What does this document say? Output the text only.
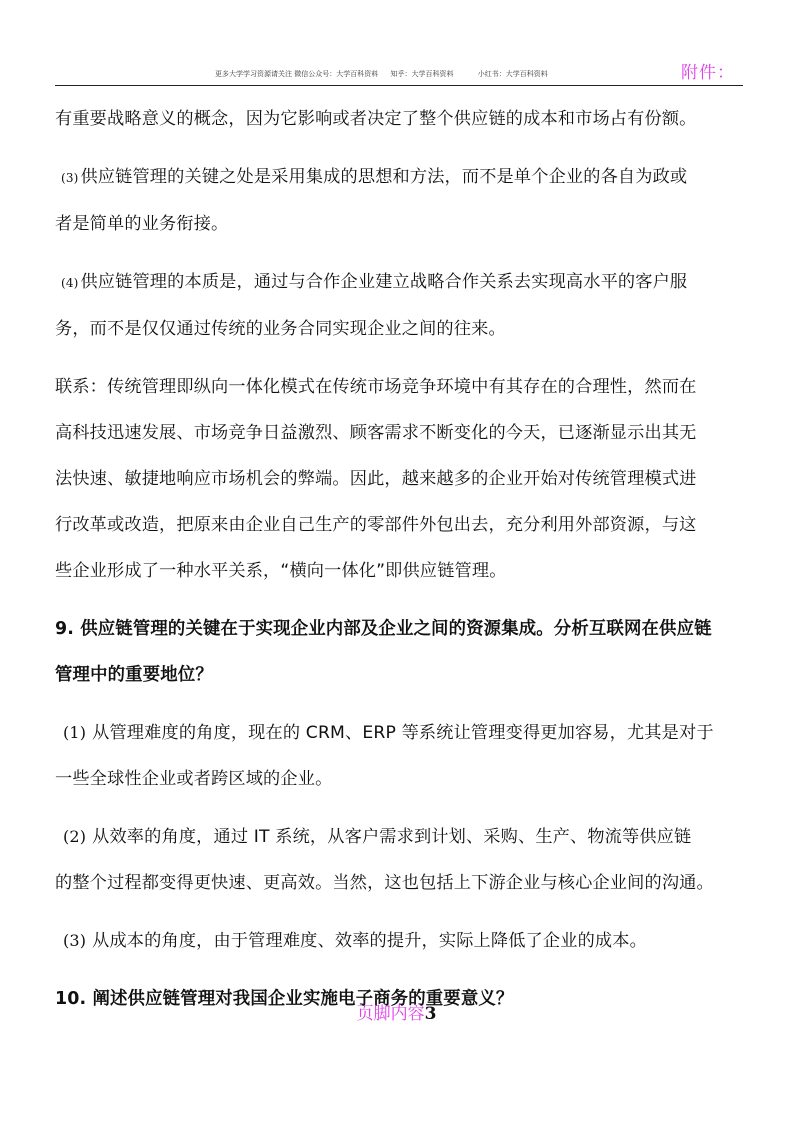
更多大学学习资源请关注 微信公众号：大学百科资料 知乎：大学百科资料	小红书：大学百科资料	附件：

有重要战略意义的概念，因为它影响或者决定了整个供应链的成本和市场占有份额。

(3) 供应链管理的关键之处是采用集成的思想和方法，而不是单个企业的各自为政或

者是简单的业务衔接。

(4) 供应链管理的本质是，通过与合作企业建立战略合作关系去实现高水平的客户服

务，而不是仅仅通过传统的业务合同实现企业之间的往来。

联系：传统管理即纵向一体化模式在传统市场竞争环境中有其存在的合理性，然而在

高科技迅速发展、市场竞争日益激烈、顾客需求不断变化的今天，已逐渐显示出其无

法快速、敏捷地响应市场机会的弊端。因此，越来越多的企业开始对传统管理模式进

行改革或改造，把原来由企业自己生产的零部件外包出去，充分利用外部资源，与这

些企业形成了一种水平关系，“横向一体化”即供应链管理。

9. 供应链管理的关键在于实现企业内部及企业之间的资源集成。分析互联网在供应链

管理中的重要地位？

(1) 从管理难度的角度，现在的 CRM、ERP 等系统让管理变得更加容易，尤其是对于

一些全球性企业或者跨区域的企业。

(2) 从效率的角度，通过 IT 系统，从客户需求到计划、采购、生产、物流等供应链

的整个过程都变得更快速、更高效。当然，这也包括上下游企业与核心企业间的沟通。

(3) 从成本的角度，由于管理难度、效率的提升，实际上降低了企业的成本。

10. 阐述供应链管理对我国企业实施电子商务的重要意义？

页脚内容3
